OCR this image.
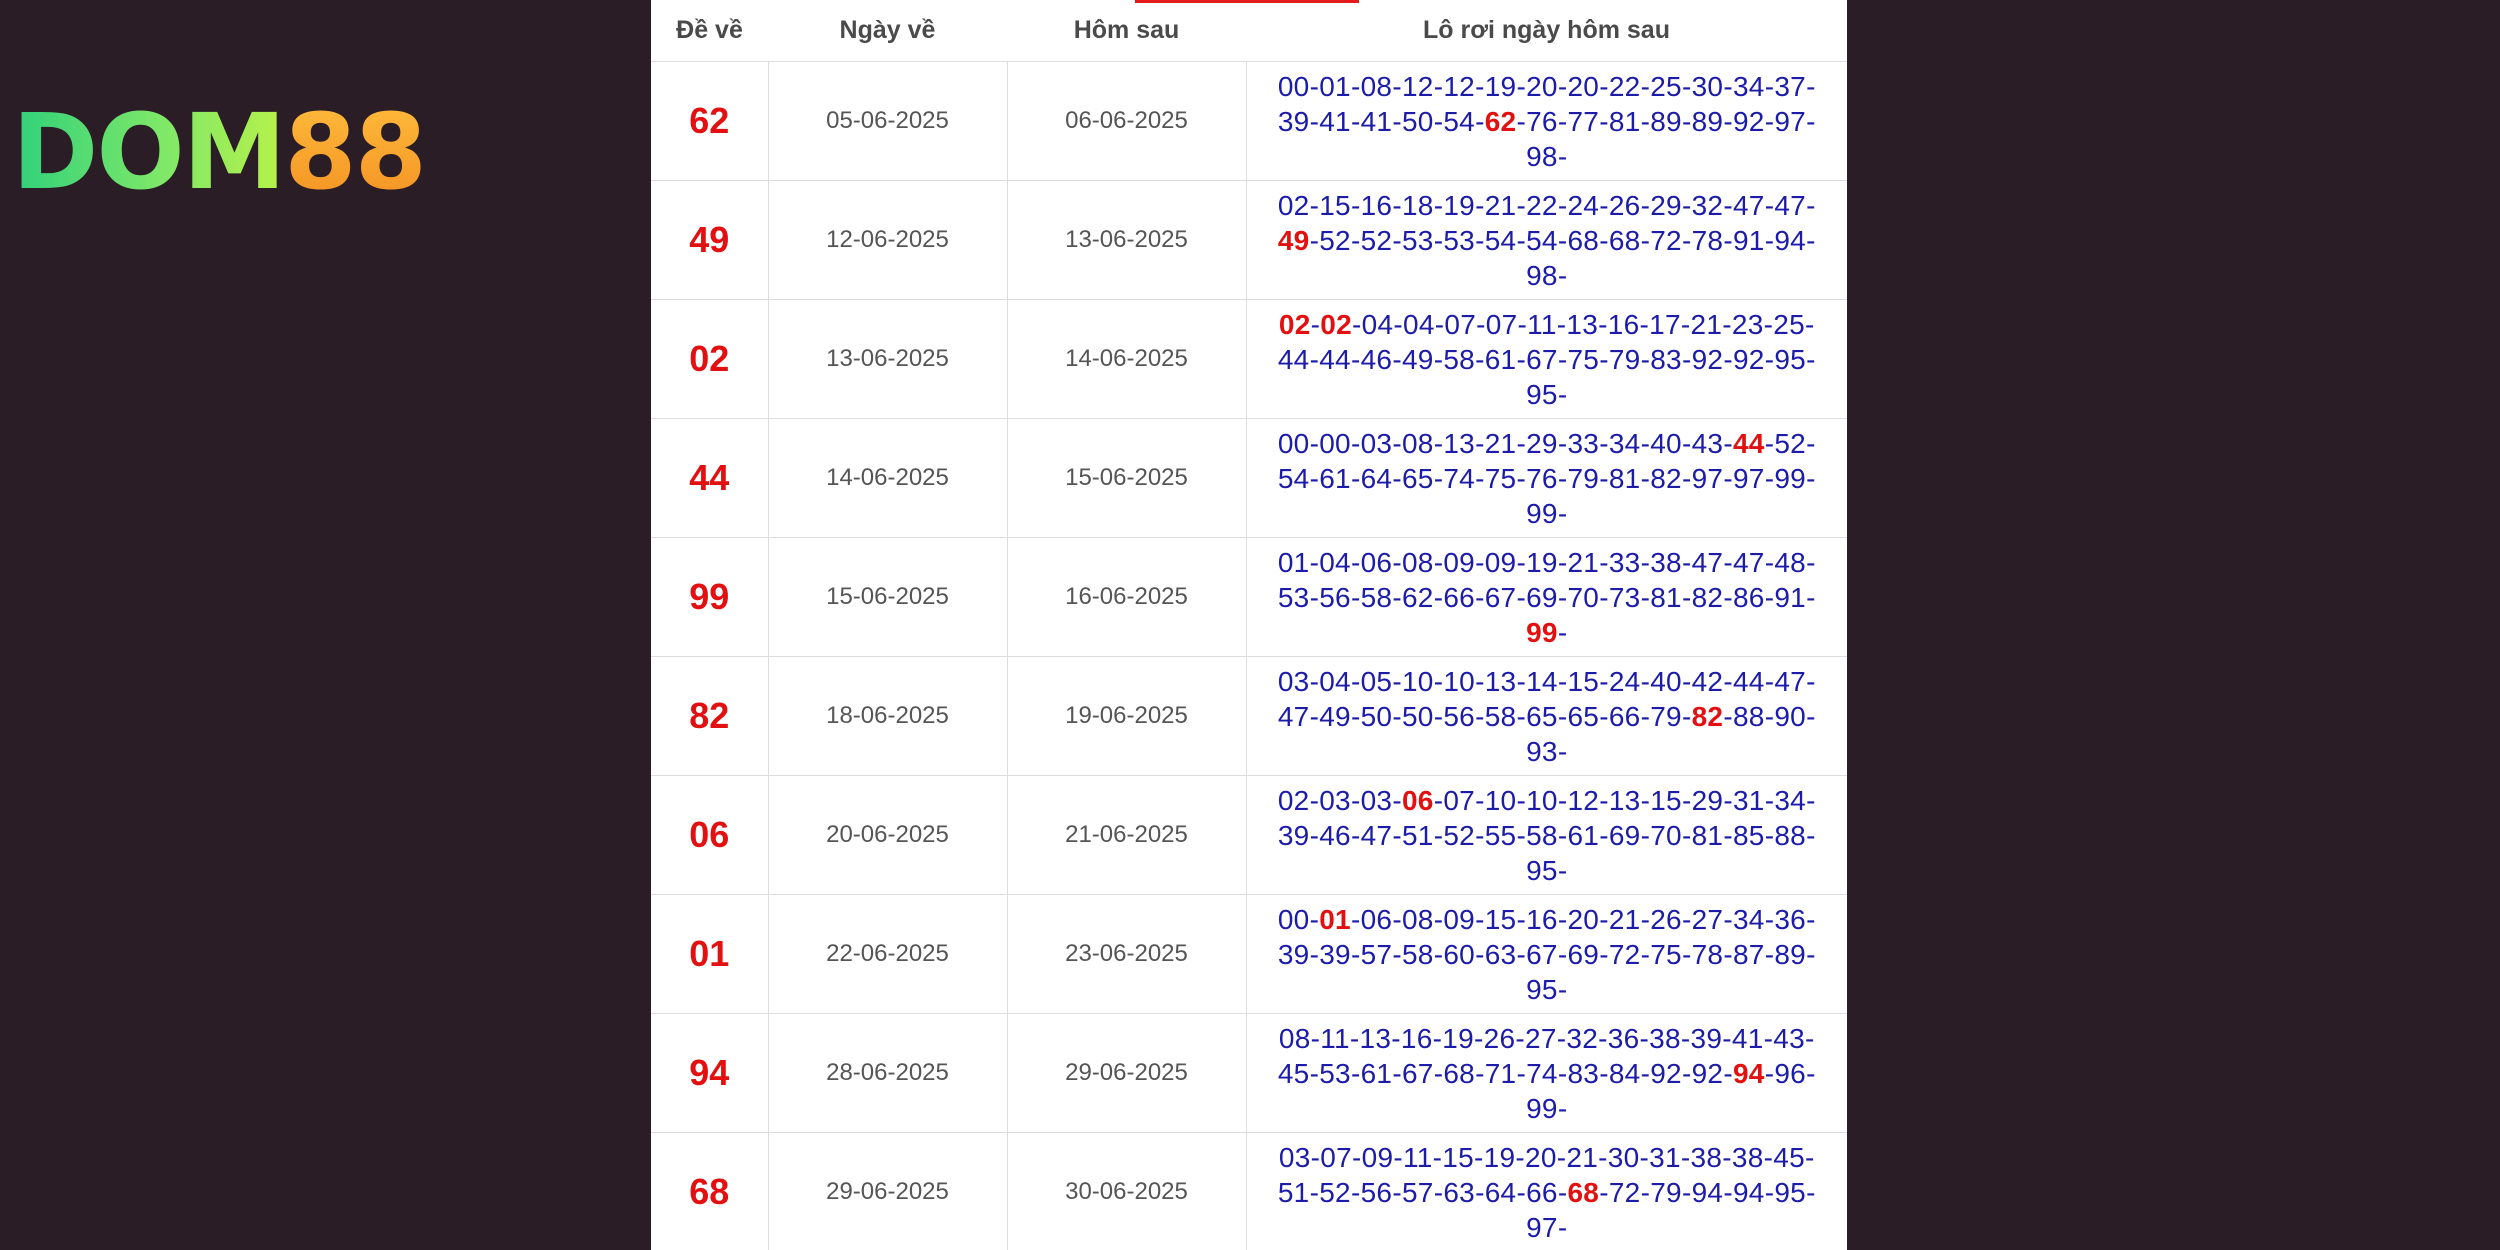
DOM88
Đề về	Ngày về	Hôm sau	Lô rơi ngày hôm sau
62	05-06-2025	06-06-2025	00-01-08-12-12-19-20-20-22-25-30-34-37-39-41-41-50-54-62-76-77-81-89-89-92-97-98-
49	12-06-2025	13-06-2025	02-15-16-18-19-21-22-24-26-29-32-47-47-49-52-52-53-53-54-54-68-68-72-78-91-94-98-
02	13-06-2025	14-06-2025	02-02-04-04-07-07-11-13-16-17-21-23-25-44-44-46-49-58-61-67-75-79-83-92-92-95-95-
44	14-06-2025	15-06-2025	00-00-03-08-13-21-29-33-34-40-43-44-52-54-61-64-65-74-75-76-79-81-82-97-97-99-99-
99	15-06-2025	16-06-2025	01-04-06-08-09-09-19-21-33-38-47-47-48-53-56-58-62-66-67-69-70-73-81-82-86-91-99-
82	18-06-2025	19-06-2025	03-04-05-10-10-13-14-15-24-40-42-44-47-47-49-50-50-56-58-65-65-66-79-82-88-90-93-
06	20-06-2025	21-06-2025	02-03-03-06-07-10-10-12-13-15-29-31-34-39-46-47-51-52-55-58-61-69-70-81-85-88-95-
01	22-06-2025	23-06-2025	00-01-06-08-09-15-16-20-21-26-27-34-36-39-39-57-58-60-63-67-69-72-75-78-87-89-95-
94	28-06-2025	29-06-2025	08-11-13-16-19-26-27-32-36-38-39-41-43-45-53-61-67-68-71-74-83-84-92-92-94-96-99-
68	29-06-2025	30-06-2025	03-07-09-11-15-19-20-21-30-31-38-38-45-51-52-56-57-63-64-66-68-72-79-94-94-95-97-
